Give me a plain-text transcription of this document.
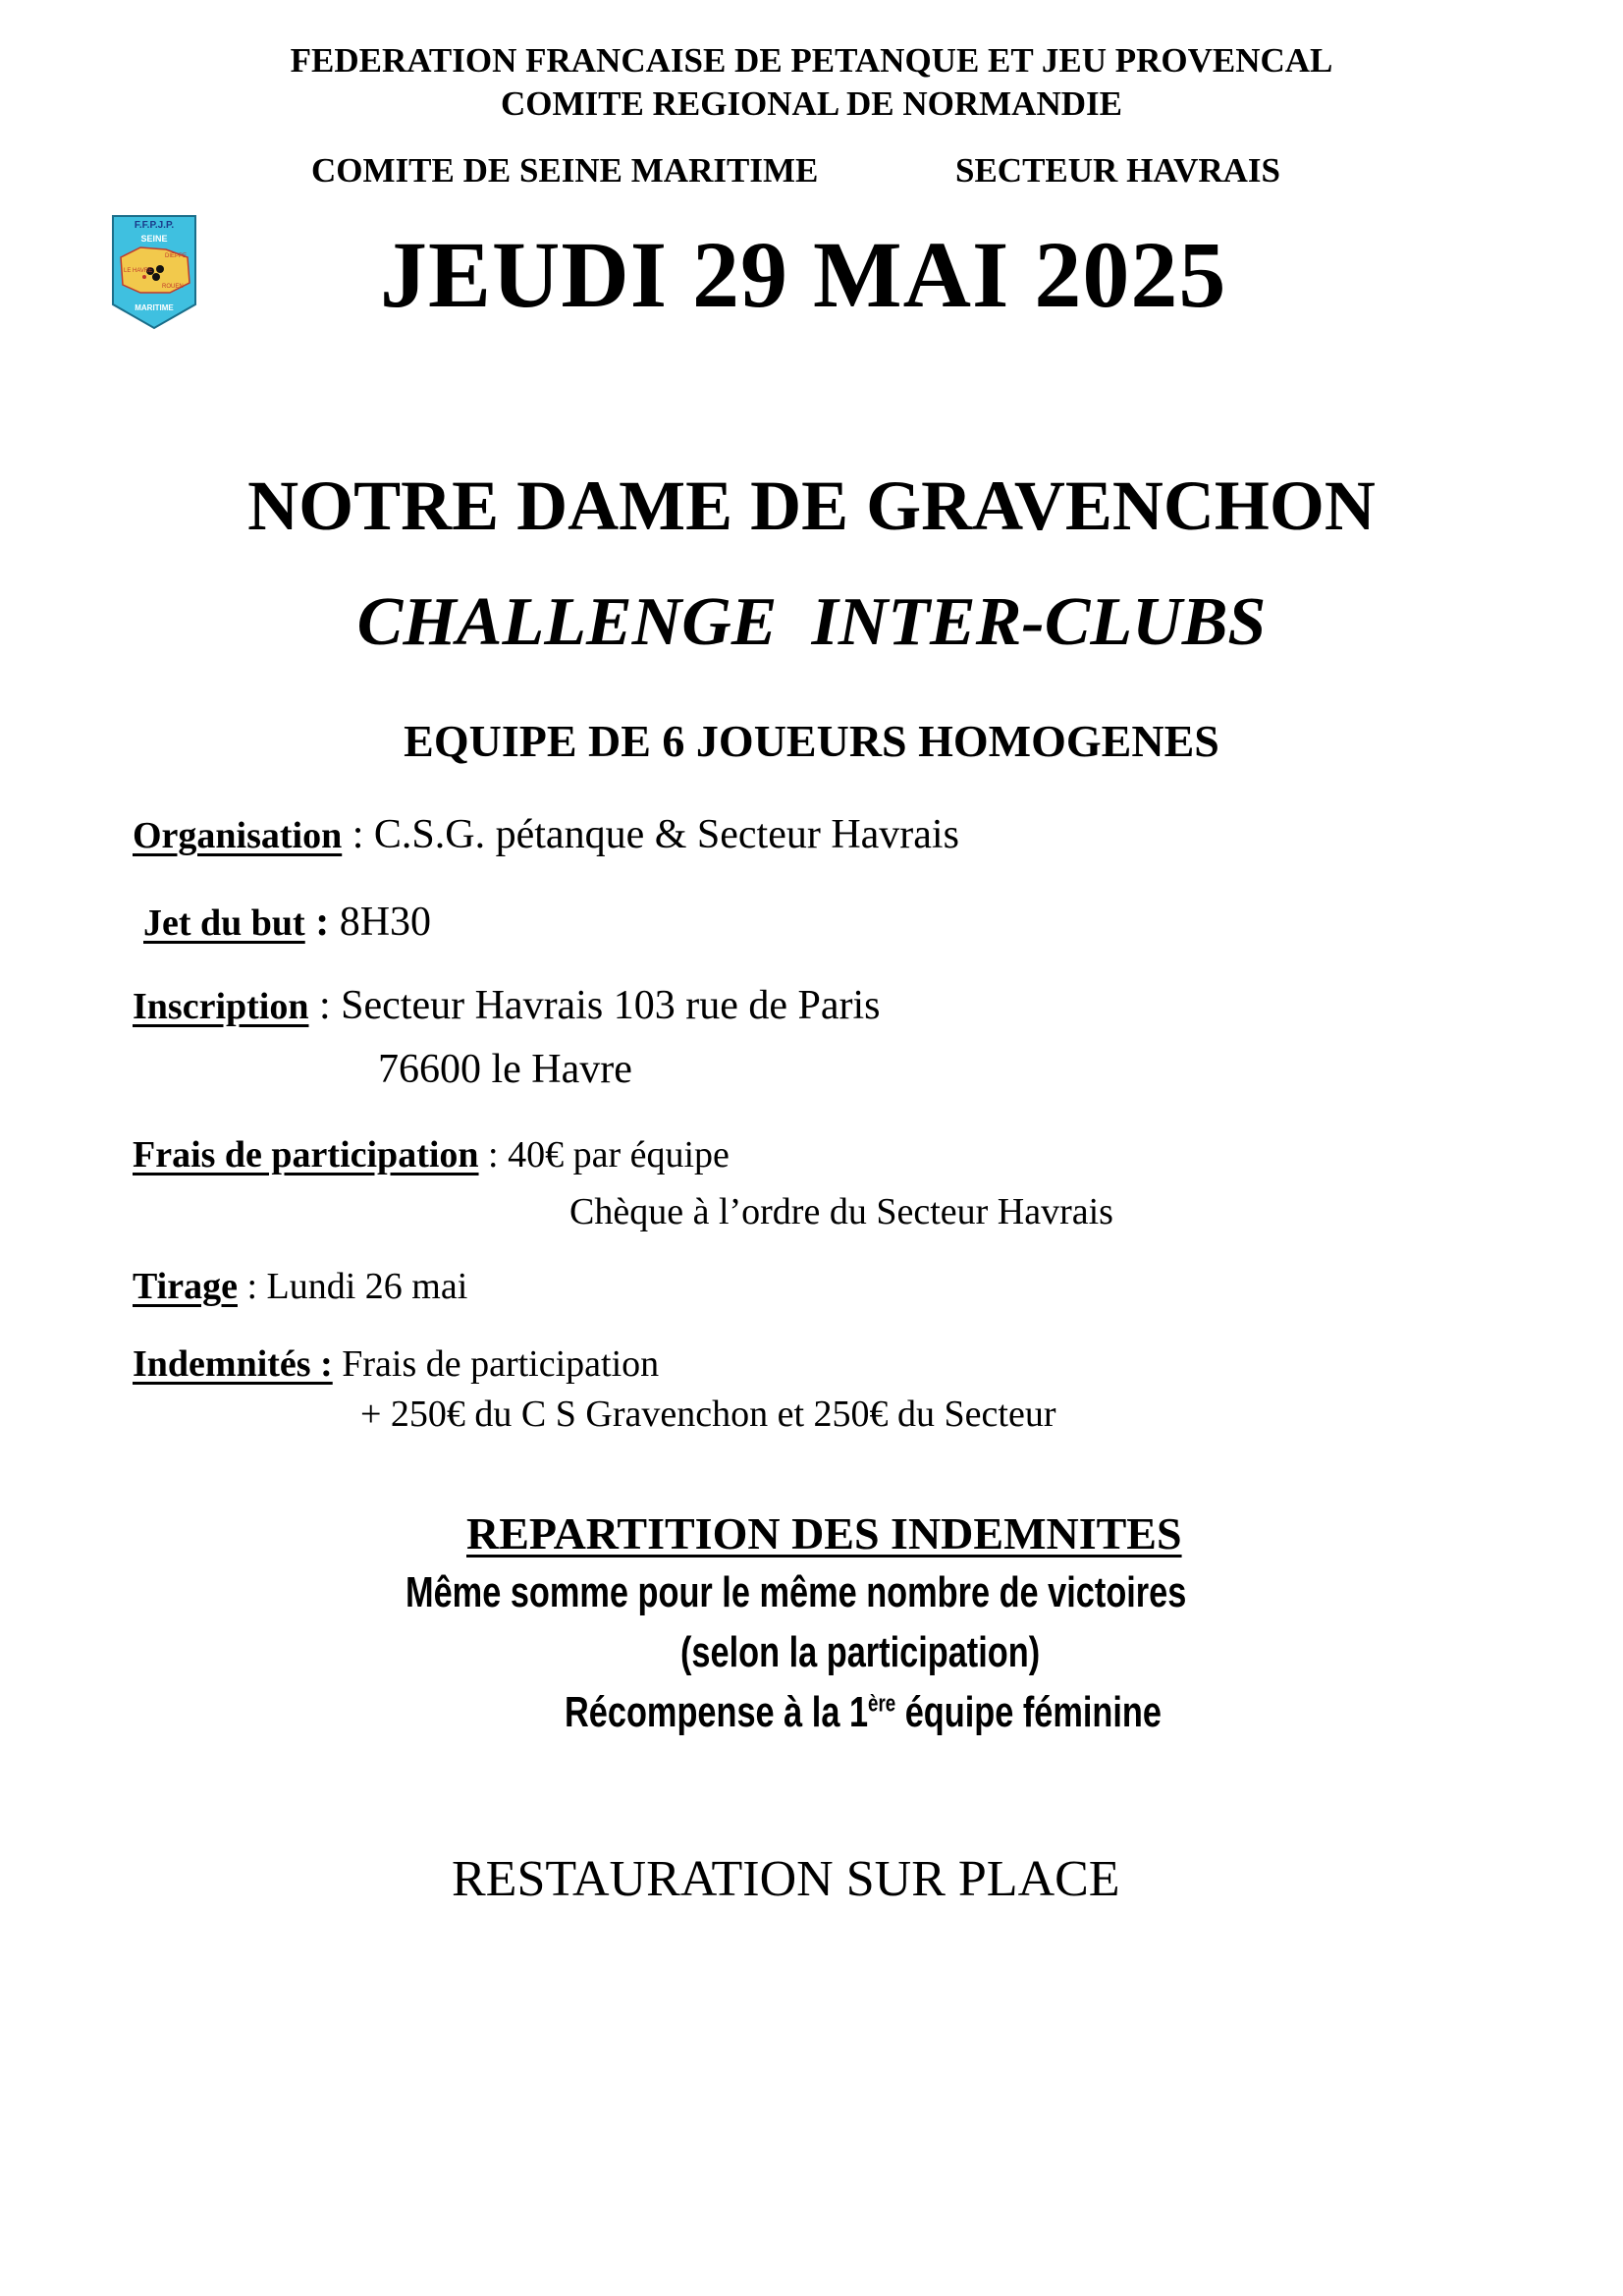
FEDERATION FRANCAISE DE PETANQUE ET JEU PROVENCAL
COMITE REGIONAL DE NORMANDIE
COMITE DE SEINE MARITIME	SECTEUR HAVRAIS
F.F.P.J.P.
SEINE
DIEPPE
LE HAVRE
ROUEN
MARITIME JEUDI 29 MAI 2025
NOTRE DAME DE GRAVENCHON
CHALLENGE  INTER-CLUBS
EQUIPE DE 6 JOUEURS HOMOGENES
Organisation : C.S.G. pétanque & Secteur Havrais
Jet du but : 8H30
Inscription : Secteur Havrais 103 rue de Paris
76600 le Havre
Frais de participation : 40€ par équipe
Chèque à l’ordre du Secteur Havrais
Tirage : Lundi 26 mai
Indemnités : Frais de participation
+ 250€ du C S Gravenchon et 250€ du Secteur
REPARTITION DES INDEMNITES
Même somme pour le même nombre de victoires
(selon la participation)
Récompense à la 1ère équipe féminine
RESTAURATION SUR PLACE
